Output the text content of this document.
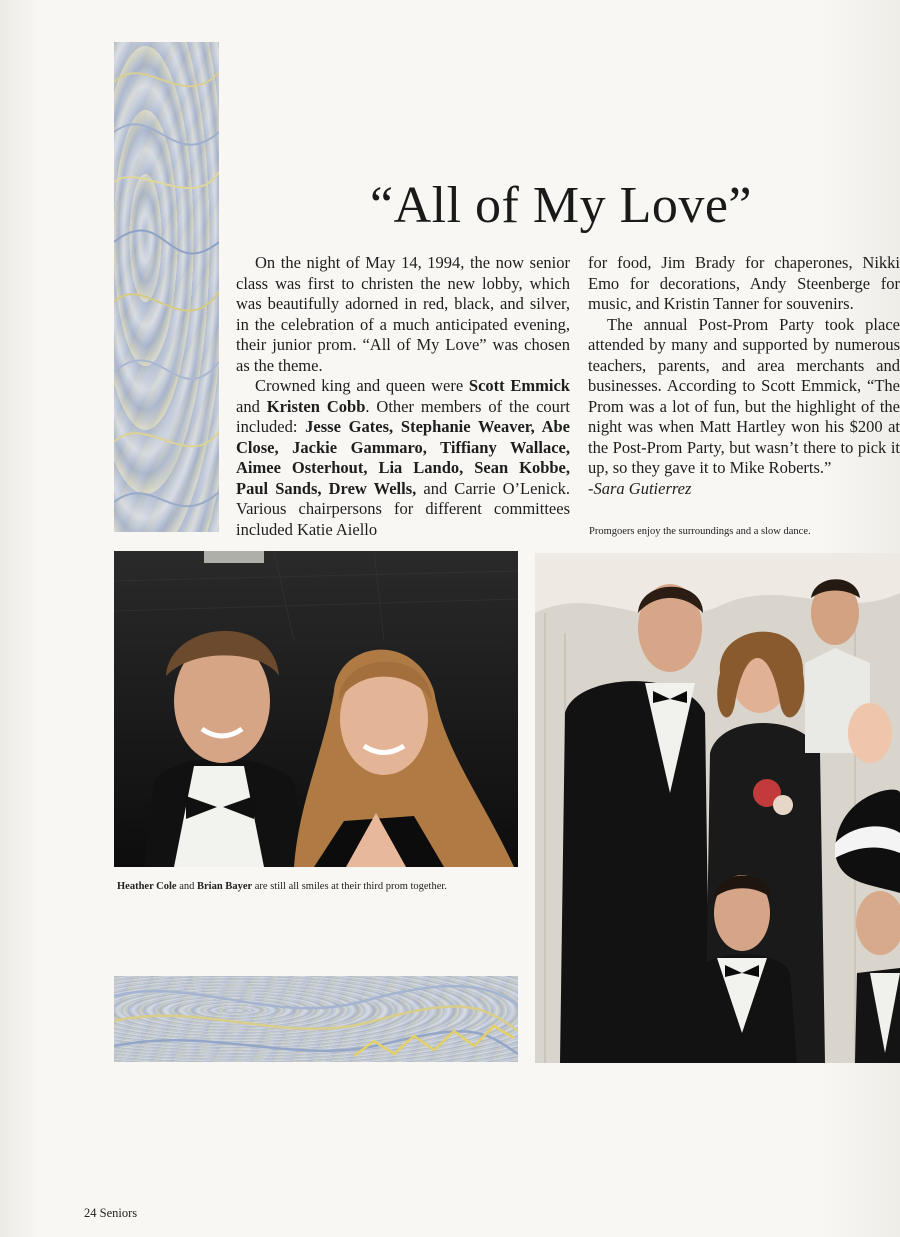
“All of My Love”

On the night of May 14, 1994, the now senior class was first to christen the new lobby, which was beautifully adorned in red, black, and silver, in the celebration of a much anticipated evening, their junior prom. “All of My Love” was chosen as the theme.

Crowned king and queen were Scott Emmick and Kristen Cobb. Other members of the court included: Jesse Gates, Stephanie Weaver, Abe Close, Jackie Gammaro, Tiffiany Wallace, Aimee Osterhout, Lia Lando, Sean Kobbe, Paul Sands, Drew Wells, and Carrie O’Lenick. Various chairpersons for different committees included Katie Aiello

for food, Jim Brady for chaperones, Nikki Emo for decorations, Andy Steenberge for music, and Kristin Tanner for souvenirs.

The annual Post-Prom Party took place attended by many and supported by numerous teachers, parents, and area merchants and businesses. According to Scott Emmick, “The Prom was a lot of fun, but the highlight of the night was when Matt Hartley won his $200 at the Post-Prom Party, but wasn’t there to pick it up, so they gave it to Mike Roberts.”

-Sara Gutierrez

Promgoers enjoy the surroundings and a slow dance.
Heather Cole and Brian Bayer are still all smiles at their third prom together.
24 Seniors
